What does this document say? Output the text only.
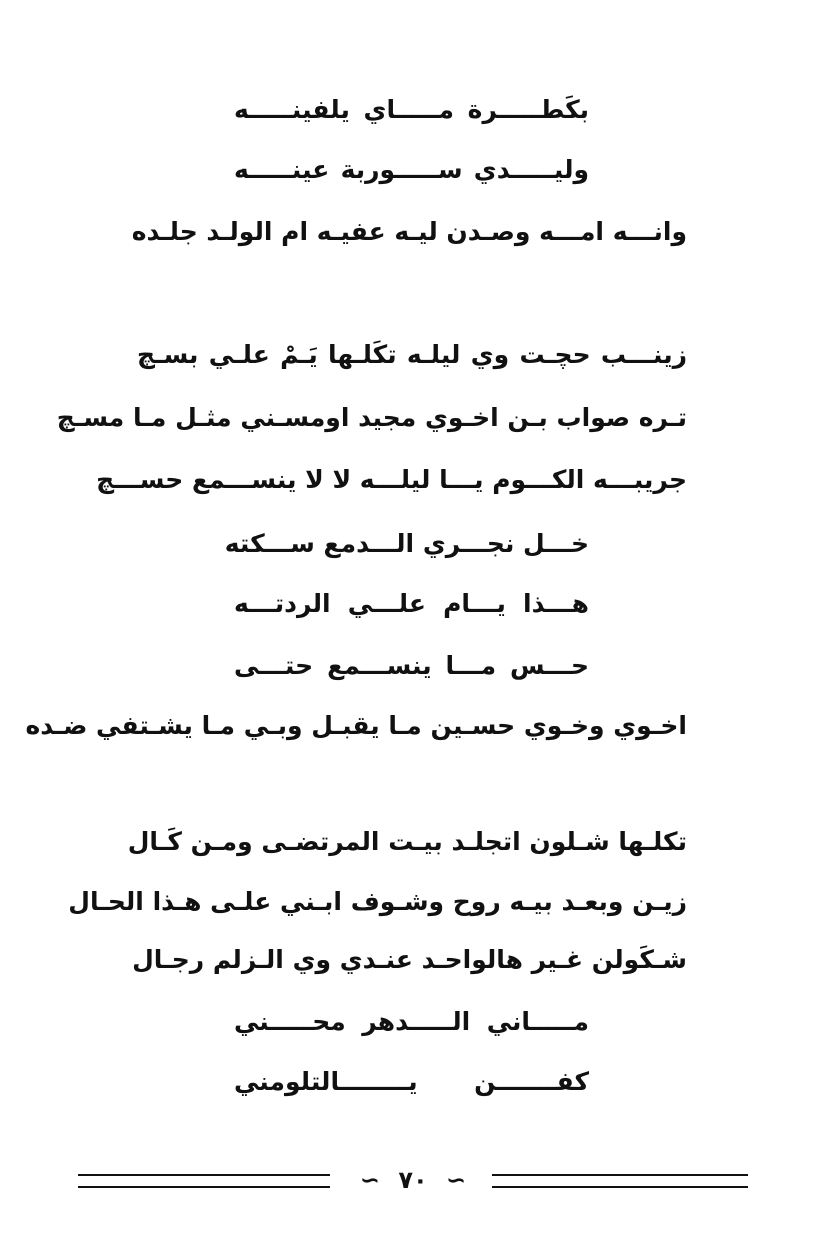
بكَطـــــرة مـــــاي يلفينـــــه
وليـــــدي ســـــوربة عينـــــه
وانـــه امـــه وصـدن ليـه عفيـه ام الولـد جلـده
زينـــب حچـت وي ليلـه تكَلـها يَـمْ علـي بسـچ
تـره صواب بـن اخـوي مجيد اومسـني مثـل مـا مسـچ
جريبـــه الكـــوم يـــا ليلـــه لا لا ينســـمع حســـچ
خـــل نجـــري الـــدمع ســـكته
هـــذا يـــام علـــي الردتـــه
حـــس مـــا ينســـمع حتـــى
اخـوي وخـوي حسـين مـا يقبـل وبـي مـا يشـتفي ضـده
تكلـها شـلون اتجلـد بيـت المرتضـى ومـن كَـال
زيـن وبعـد بيـه روح وشـوف ابـني علـى هـذا الحـال
شـكَولن غـير هالواحـد عنـدي وي الـزلم رجـال
مـــــاني الـــــدهر محـــــني
كفـــــــن يــــــــالتلومني
∽ ٧٠ ∽
